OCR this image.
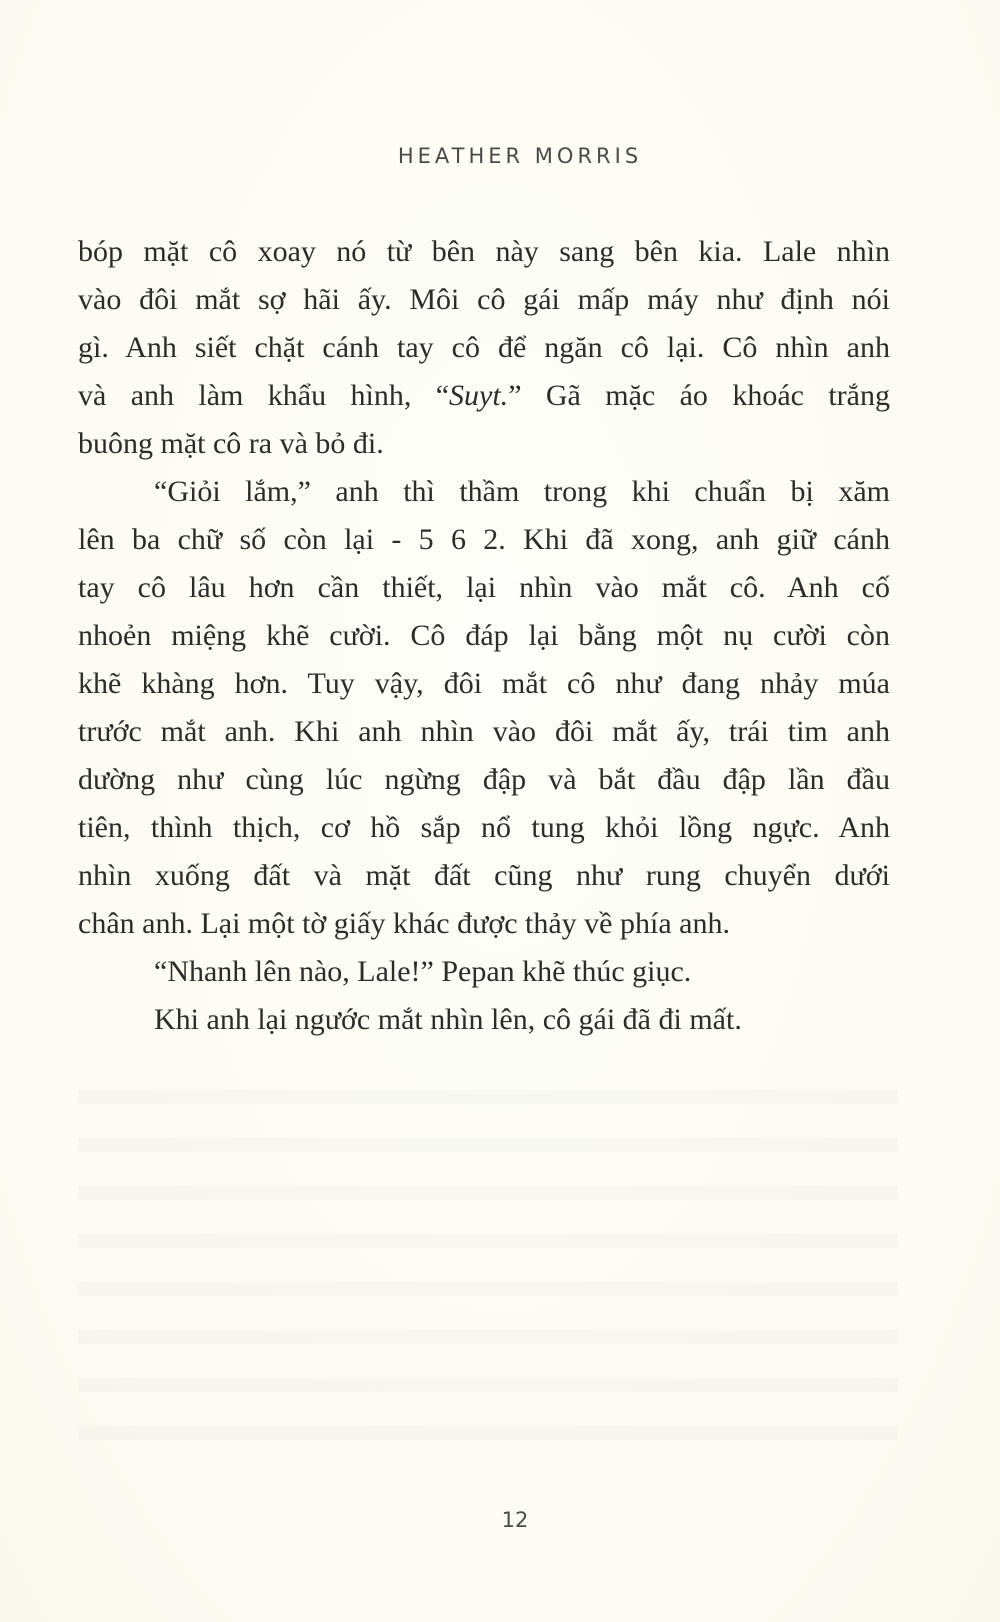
HEATHER MORRIS
bóp mặt cô xoay nó từ bên này sang bên kia. Lale nhìn
vào đôi mắt sợ hãi ấy. Môi cô gái mấp máy như định nói
gì. Anh siết chặt cánh tay cô để ngăn cô lại. Cô nhìn anh
và anh làm khẩu hình, “Suyt.” Gã mặc áo khoác trắng
buông mặt cô ra và bỏ đi.
“Giỏi lắm,” anh thì thầm trong khi chuẩn bị xăm
lên ba chữ số còn lại - 5 6 2. Khi đã xong, anh giữ cánh
tay cô lâu hơn cần thiết, lại nhìn vào mắt cô. Anh cố
nhoẻn miệng khẽ cười. Cô đáp lại bằng một nụ cười còn
khẽ khàng hơn. Tuy vậy, đôi mắt cô như đang nhảy múa
trước mắt anh. Khi anh nhìn vào đôi mắt ấy, trái tim anh
dường như cùng lúc ngừng đập và bắt đầu đập lần đầu
tiên, thình thịch, cơ hồ sắp nổ tung khỏi lồng ngực. Anh
nhìn xuống đất và mặt đất cũng như rung chuyển dưới
chân anh. Lại một tờ giấy khác được thảy về phía anh.
“Nhanh lên nào, Lale!” Pepan khẽ thúc giục.
Khi anh lại ngước mắt nhìn lên, cô gái đã đi mất.
12
